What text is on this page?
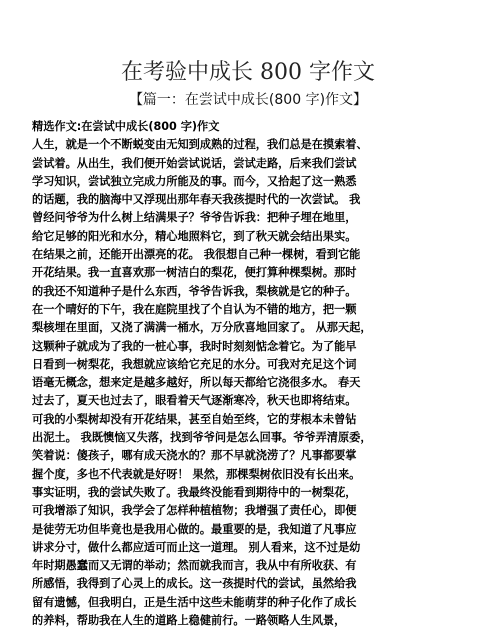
在考验中成长 800 字作文
【篇一：在尝试中成长(800 字)作文】
精选作文:在尝试中成长(800 字)作文
人生，就是一个不断蜕变由无知到成熟的过程，我们总是在摸索着、
尝试着。从出生，我们便开始尝试说话，尝试走路，后来我们尝试
学习知识，尝试独立完成力所能及的事。而今，又拾起了这一熟悉
的话题，我的脑海中又浮现出那年春天我孩提时代的一次尝试。 我
曾经问爷爷为什么树上结满果子？爷爷告诉我：把种子埋在地里，
给它足够的阳光和水分，精心地照料它，到了秋天就会结出果实。
在结果之前，还能开出漂亮的花。 我很想自己种一棵树，看到它能
开花结果。我一直喜欢那一树洁白的梨花，便打算种棵梨树。那时
的我还不知道种子是什么东西，爷爷告诉我，梨核就是它的种子。
在一个晴好的下午，我在庭院里找了个自认为不错的地方，把一颗
梨核埋在里面，又浇了满满一桶水，万分欣喜地回家了。 从那天起，
这颗种子就成为了我的一桩心事，我时时刻刻惦念着它。为了能早
日看到一树梨花，我想就应该给它充足的水分。可我对充足这个词
语毫无概念，想来定是越多越好，所以每天都给它浇很多水。 春天
过去了，夏天也过去了，眼看着天气逐渐寒冷，秋天也即将结束。
可我的小梨树却没有开花结果，甚至自始至终，它的芽根本未曾钻
出泥土。 我既懊恼又失落，找到爷爷问是怎么回事。爷爷弄清原委，
笑着说：傻孩子，哪有成天浇水的？那不早就浇涝了？凡事都要掌
握个度，多也不代表就是好呀！ 果然，那棵梨树依旧没有长出来。
事实证明，我的尝试失败了。我最终没能看到期待中的一树梨花，
可我增添了知识，我学会了怎样种植植物；我增强了责任心，即便
是徒劳无功但毕竟也是我用心做的。最重要的是，我知道了凡事应
讲求分寸，做什么都应适可而止这一道理。 别人看来，这不过是幼
年时期愚蠢而又无谓的举动；然而就我而言，我从中有所收获、有
所感悟，我得到了心灵上的成长。这一孩提时代的尝试，虽然给我
留有遗憾，但我明白，正是生活中这些未能萌芽的种子化作了成长
的养料，帮助我在人生的道路上稳健前行。一路领略人生风景，
